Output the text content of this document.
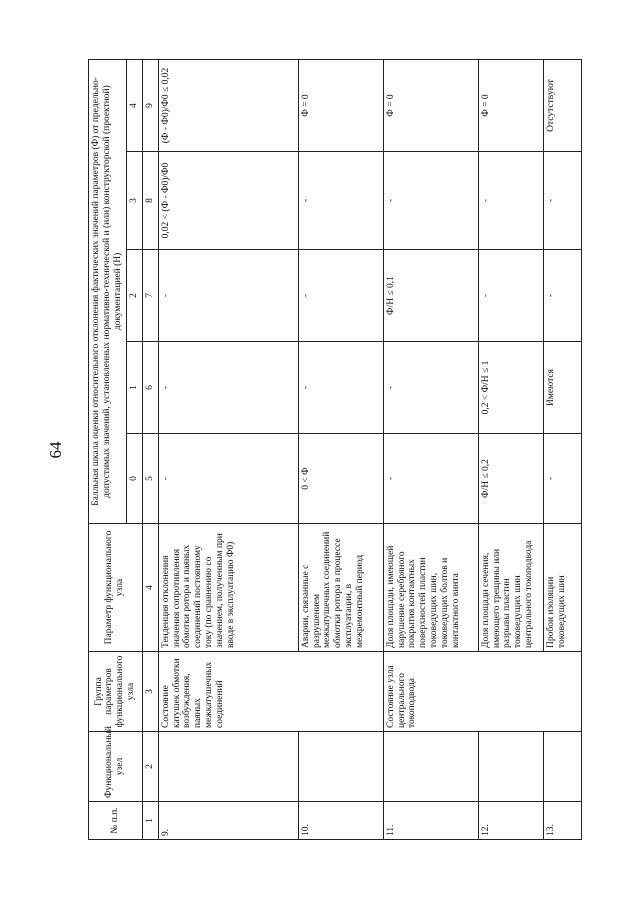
64
№ п.п.	Функциональный узел	Группа параметров функционального узла	Параметр функционального узла	Балльная шкала оценки относительного отклонения фактических значений параметров (Ф) от предельно-допустимых значений, установленных нормативно-технической и (или) конструкторской (проектной) документацией (Н)				
				0	1	2	3	4
1	2	3	4	5	6	7	8	9
9.		Состояние катушек обмотки возбуждения, паяных межкатушечных соединений	Тенденция отклонения значения сопротивления обмотки ротора и паяных соединений постоянному току (по сравнению со значением, полученным при вводе в эксплуатацию Ф0)	-	-	-	0,02 < (Ф - Ф0)/Ф0	(Ф - Ф0)/Ф0 ≤ 0,02
10.			Аварии, связанные с разрушением межкатушечных соединений обмотки ротора в процессе эксплуатации, в межремонтный период	0 < Ф	-	-	-	Ф = 0
11.		Состояние узла центрального токоподвода	Доля площади, имеющей нарушение серебряного покрытия контактных поверхностей пластин токоведущих шин, токоведущих болтов и контактного винта	-	-	Ф/Н ≤ 0,1	-	Ф = 0
12.			Доля площади сечения, имеющего трещины или разрывы пластин токоведущих шин центрального токоподвода	Ф/Н ≤ 0,2	0,2 < Ф/Н ≤ 1	-	-	Ф = 0
13.			Пробои изоляции токоведущих шин	-	Имеются	-	-	Отсутствуют
